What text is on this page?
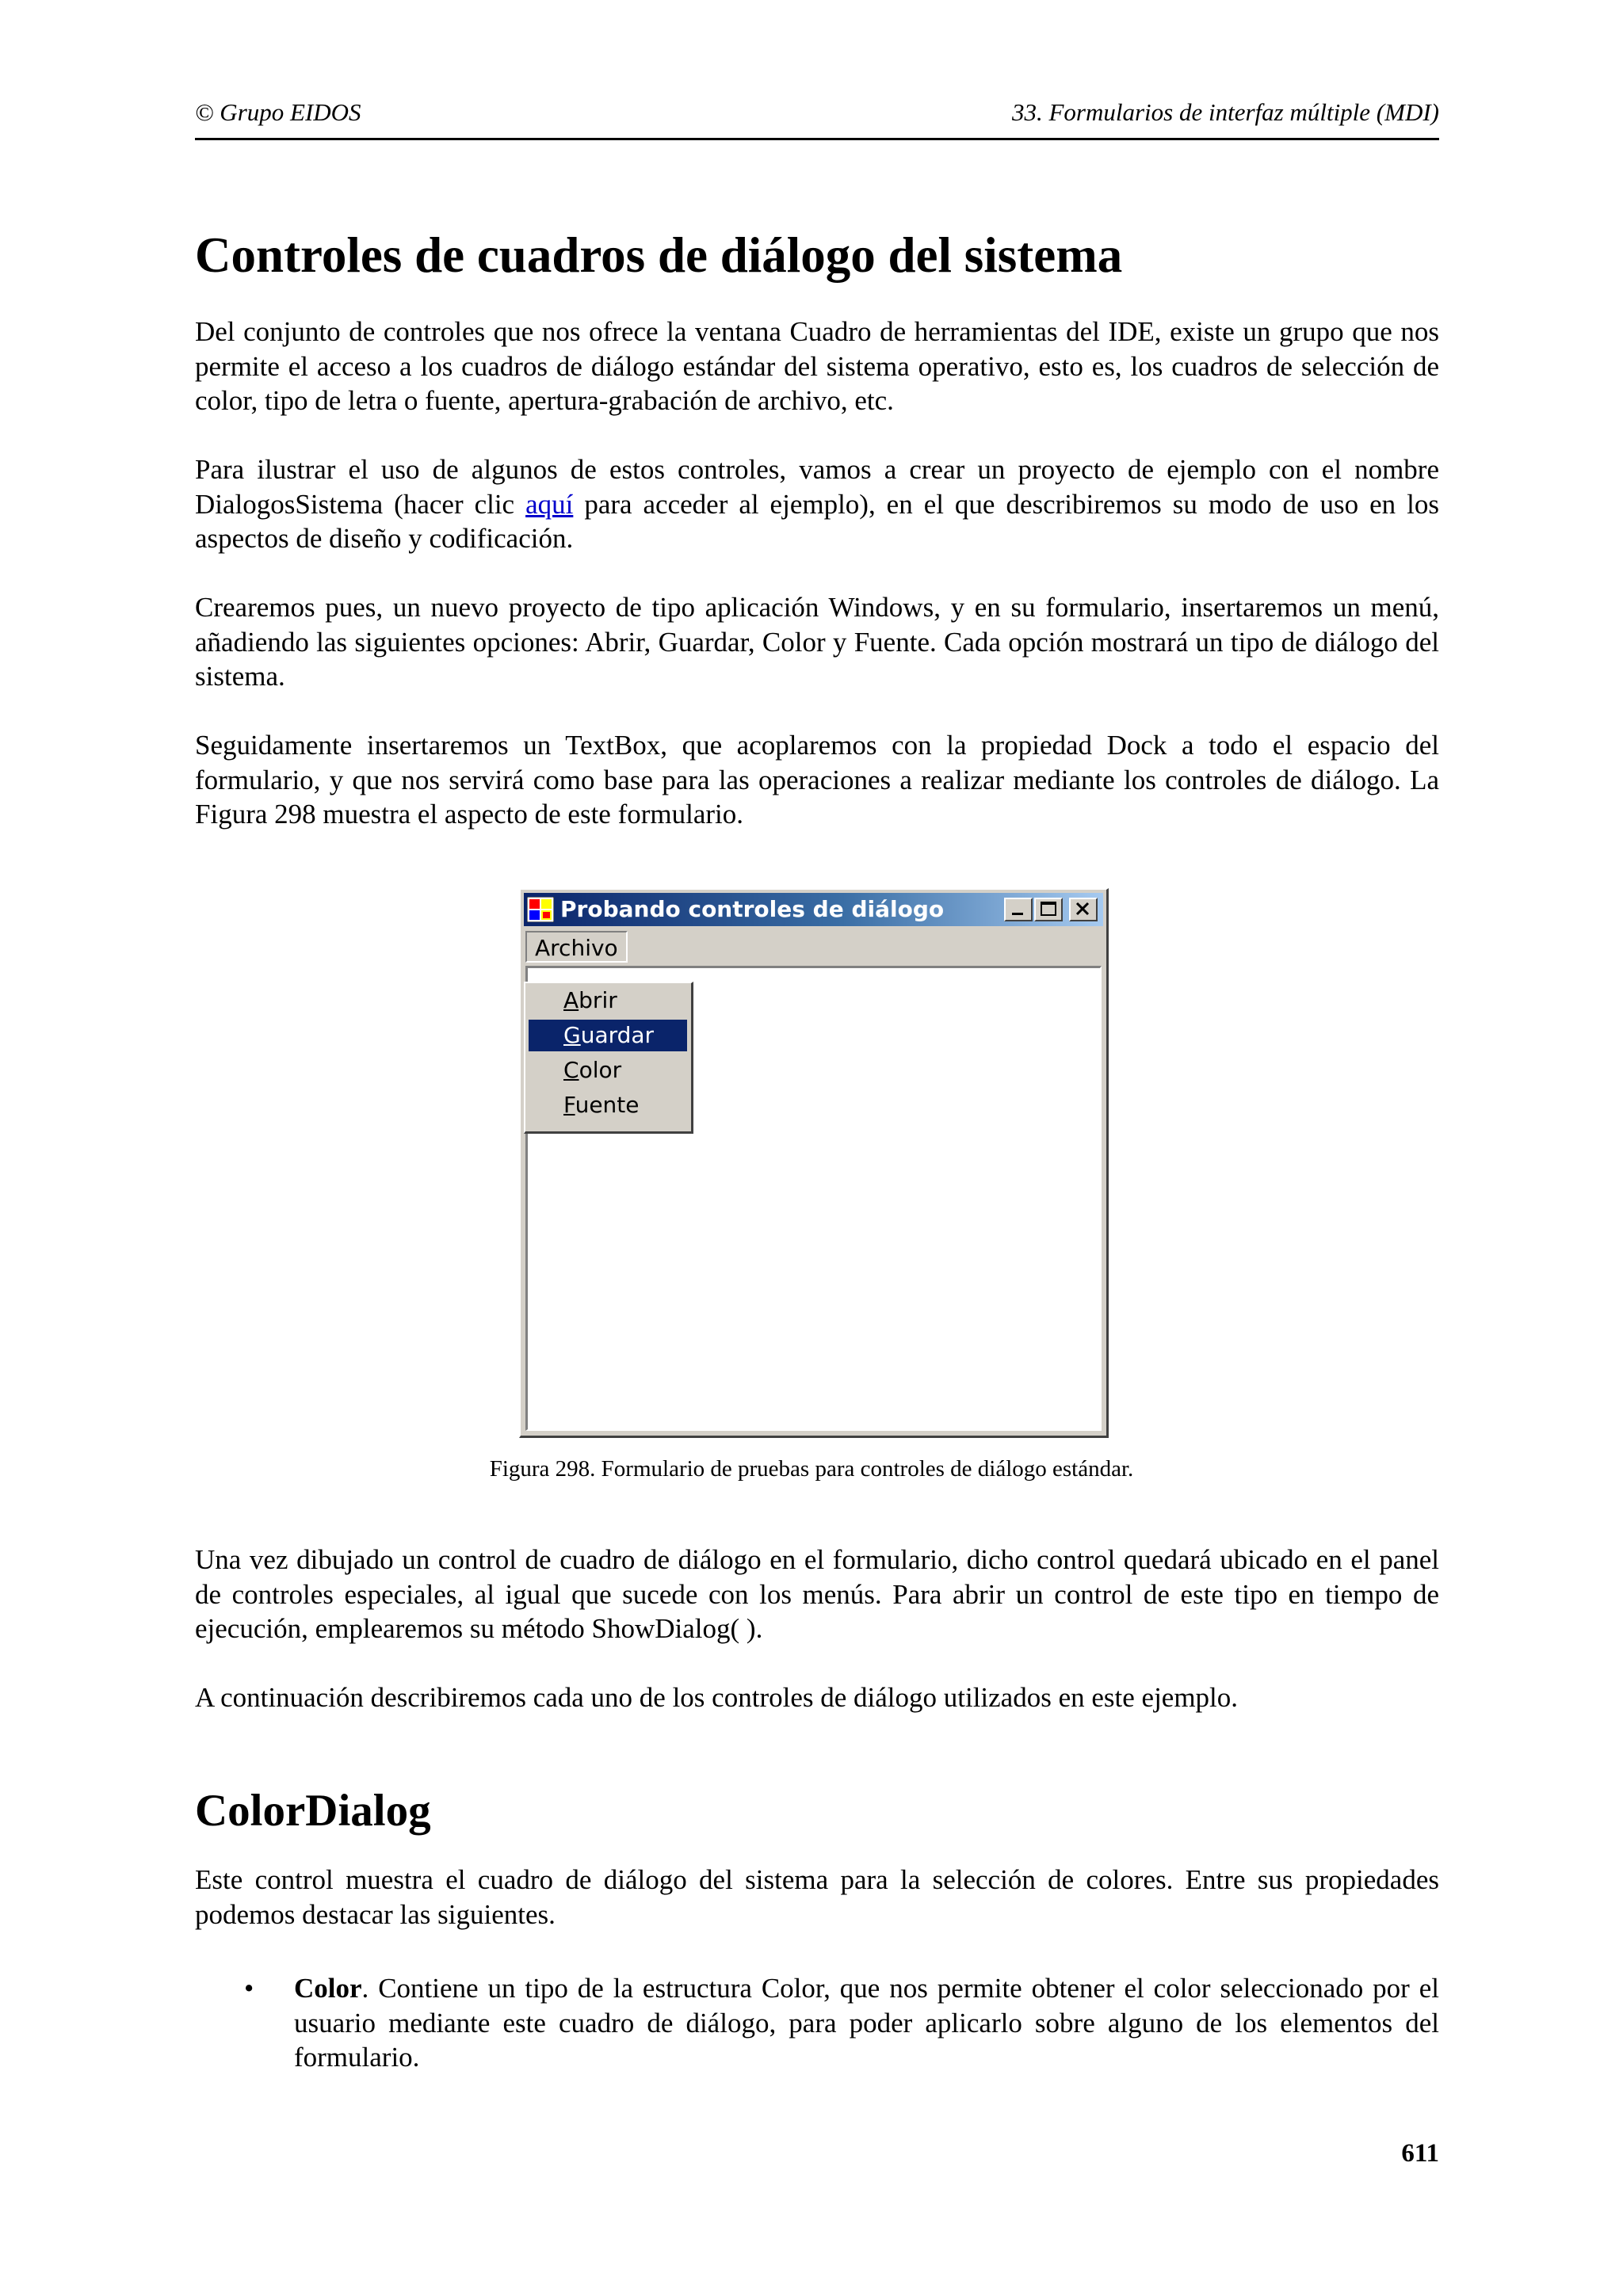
© Grupo EIDOS	33. Formularios de interfaz múltiple (MDI)
Controles de cuadros de diálogo del sistema

Del conjunto de controles que nos ofrece la ventana Cuadro de herramientas del IDE, existe un grupo que nos permite el acceso a los cuadros de diálogo estándar del sistema operativo, esto es, los cuadros de selección de color, tipo de letra o fuente, apertura-grabación de archivo, etc.

Para ilustrar el uso de algunos de estos controles, vamos a crear un proyecto de ejemplo con el nombre DialogosSistema (hacer clic aquí para acceder al ejemplo), en el que describiremos su modo de uso en los aspectos de diseño y codificación.

Crearemos pues, un nuevo proyecto de tipo aplicación Windows, y en su formulario, insertaremos un menú, añadiendo las siguientes opciones: Abrir, Guardar, Color y Fuente. Cada opción mostrará un tipo de diálogo del sistema.

Seguidamente insertaremos un TextBox, que acoplaremos con la propiedad Dock a todo el espacio del formulario, y que nos servirá como base para las operaciones a realizar mediante los controles de diálogo. La Figura 298 muestra el aspecto de este formulario.

Probando controles de diálogo
Archivo
Abrir
Guardar
Color
Fuente
Figura 298. Formulario de pruebas para controles de diálogo estándar.

Una vez dibujado un control de cuadro de diálogo en el formulario, dicho control quedará ubicado en el panel de controles especiales, al igual que sucede con los menús. Para abrir un control de este tipo en tiempo de ejecución, emplearemos su método ShowDialog( ).

A continuación describiremos cada uno de los controles de diálogo utilizados en este ejemplo.

ColorDialog

Este control muestra el cuadro de diálogo del sistema para la selección de colores. Entre sus propiedades podemos destacar las siguientes.

• Color. Contiene un tipo de la estructura Color, que nos permite obtener el color seleccionado por el usuario mediante este cuadro de diálogo, para poder aplicarlo sobre alguno de los elementos del formulario.
611
